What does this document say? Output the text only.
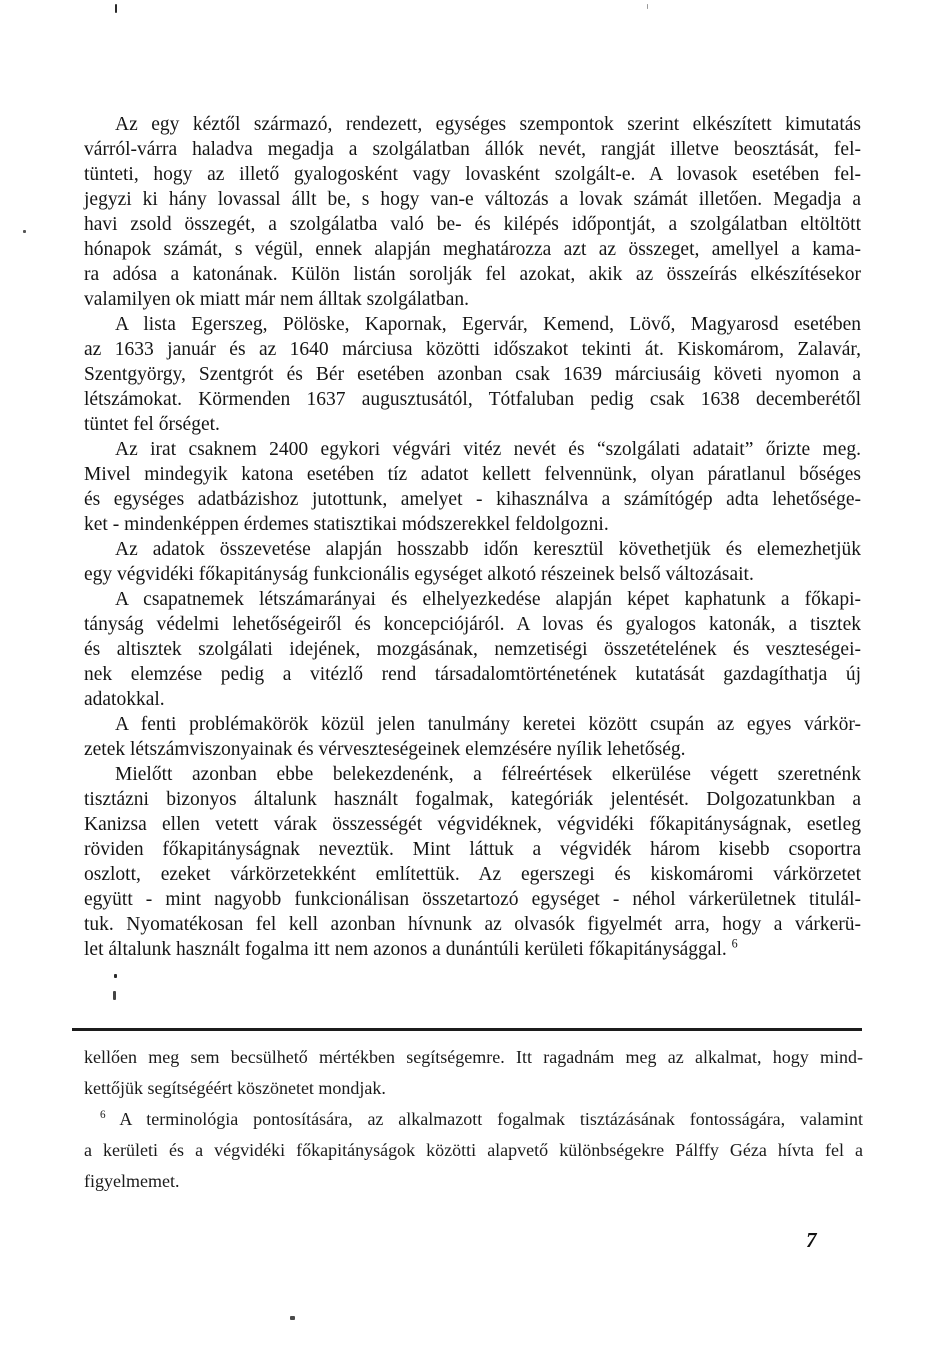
Az egy kéztől származó, rendezett, egységes szempontok szerint elkészített kimutatás
várról-várra haladva megadja a szolgálatban állók nevét, rangját illetve beosztását, fel-
tünteti, hogy az illető gyalogosként vagy lovasként szolgált-e. A lovasok esetében fel-
jegyzi ki hány lovassal állt be, s hogy van-e változás a lovak számát illetően. Megadja a
havi zsold összegét, a szolgálatba való be- és kilépés időpontját, a szolgálatban eltöltött
hónapok számát, s végül, ennek alapján meghatározza azt az összeget, amellyel a kama-
ra adósa a katonának. Külön listán sorolják fel azokat, akik az összeírás elkészítésekor
valamilyen ok miatt már nem álltak szolgálatban.
A lista Egerszeg, Pölöske, Kapornak, Egervár, Kemend, Lövő, Magyarosd esetében
az 1633 január és az 1640 márciusa közötti időszakot tekinti át. Kiskomárom, Zalavár,
Szentgyörgy, Szentgrót és Bér esetében azonban csak 1639 márciusáig követi nyomon a
létszámokat. Körmenden 1637 augusztusától, Tótfaluban pedig csak 1638 decemberétől
tüntet fel őrséget.
Az irat csaknem 2400 egykori végvári vitéz nevét és “szolgálati adatait” őrizte meg.
Mivel mindegyik katona esetében tíz adatot kellett felvennünk, olyan páratlanul bőséges
és egységes adatbázishoz jutottunk, amelyet - kihasználva a számítógép adta lehetősége-
ket - mindenképpen érdemes statisztikai módszerekkel feldolgozni.
Az adatok összevetése alapján hosszabb időn keresztül követhetjük és elemezhetjük
egy végvidéki főkapitányság funkcionális egységet alkotó részeinek belső változásait.
A csapatnemek létszámarányai és elhelyezkedése alapján képet kaphatunk a főkapi-
tányság védelmi lehetőségeiről és koncepciójáról. A lovas és gyalogos katonák, a tisztek
és altisztek szolgálati idejének, mozgásának, nemzetiségi összetételének és veszteségei-
nek elemzése pedig a vitézlő rend társadalomtörténetének kutatását gazdagíthatja új
adatokkal.
A fenti problémakörök közül jelen tanulmány keretei között csupán az egyes várkör-
zetek létszámviszonyainak és vérveszteségeinek elemzésére nyílik lehetőség.
Mielőtt azonban ebbe belekezdenénk, a félreértések elkerülése végett szeretnénk
tisztázni bizonyos általunk használt fogalmak, kategóriák jelentését. Dolgozatunkban a
Kanizsa ellen vetett várak összességét végvidéknek, végvidéki főkapitányságnak, esetleg
röviden főkapitányságnak neveztük. Mint láttuk a végvidék három kisebb csoportra
oszlott, ezeket várkörzetekként említettük. Az egerszegi és kiskomáromi várkörzetet
együtt - mint nagyobb funkcionálisan összetartozó egységet - néhol várkerületnek titulál-
tuk. Nyomatékosan fel kell azonban hívnunk az olvasók figyelmét arra, hogy a várkerü-
let általunk használt fogalma itt nem azonos a dunántúli kerületi főkapitánysággal. $^6$
kellően meg sem becsülhető mértékben segítségemre. Itt ragadnám meg az alkalmat, hogy mind-
kettőjük segítségéért köszönetet mondjak.
$^6$ A terminológia pontosítására, az alkalmazott fogalmak tisztázásának fontosságára, valamint
a kerületi és a végvidéki főkapitányságok közötti alapvető különbségekre Pálffy Géza hívta fel a
figyelmemet.
7
